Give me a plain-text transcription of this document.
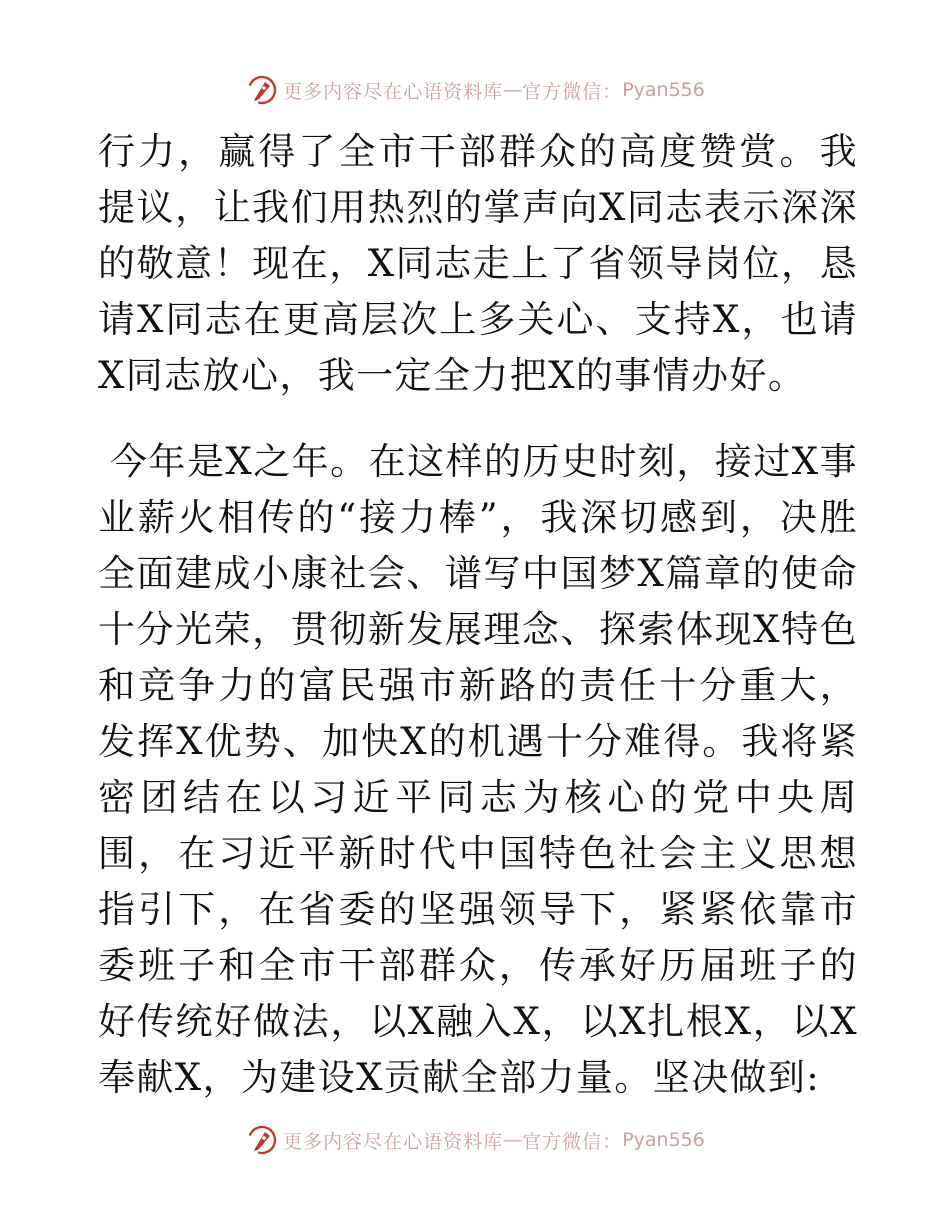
更多内容尽在心语资料库 — 官方微信： Pyan556

行力，赢得了全市干部群众的高度赞赏。我提议，让我们用热烈的掌声向X同志表示深深的敬意！现在，X同志走上了省领导岗位，恳请X同志在更高层次上多关心、支持X，也请X同志放心，我一定全力把X的事情办好。

今年是X之年。在这样的历史时刻，接过X事业薪火相传的“接力棒”，我深切感到，决胜全面建成小康社会、谱写中国梦X篇章的使命十分光荣，贯彻新发展理念、探索体现X特色和竞争力的富民强市新路的责任十分重大，发挥X优势、加快X的机遇十分难得。我将紧密团结在以习近平同志为核心的党中央周围，在习近平新时代中国特色社会主义思想指引下，在省委的坚强领导下，紧紧依靠市委班子和全市干部群众，传承好历届班子的好传统好做法，以X融入X，以X扎根X，以X奉献X，为建设X贡献全部力量。坚决做到:

更多内容尽在心语资料库 — 官方微信： Pyan556
